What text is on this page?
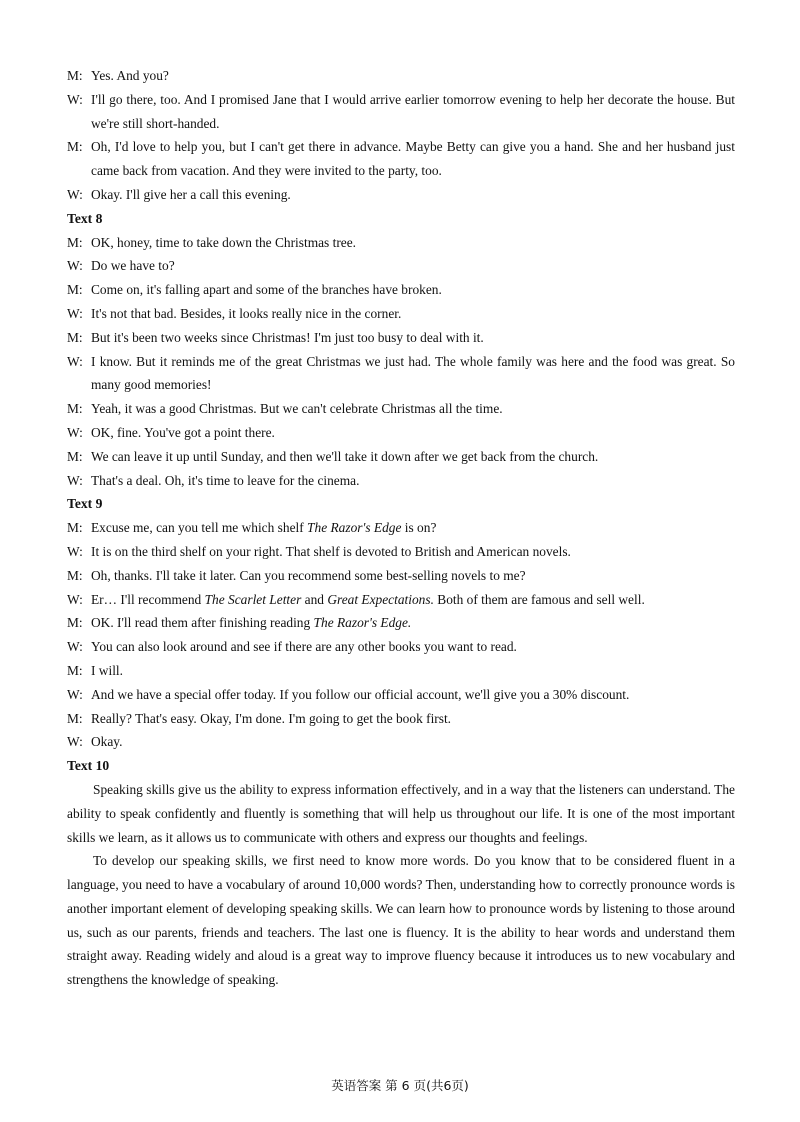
M: Yes. And you?
W: I'll go there, too. And I promised Jane that I would arrive earlier tomorrow evening to help her decorate the house. But we're still short-handed.
M: Oh, I'd love to help you, but I can't get there in advance. Maybe Betty can give you a hand. She and her husband just came back from vacation. And they were invited to the party, too.
W: Okay. I'll give her a call this evening.
Text 8
M: OK, honey, time to take down the Christmas tree.
W: Do we have to?
M: Come on, it's falling apart and some of the branches have broken.
W: It's not that bad. Besides, it looks really nice in the corner.
M: But it's been two weeks since Christmas! I'm just too busy to deal with it.
W: I know. But it reminds me of the great Christmas we just had. The whole family was here and the food was great. So many good memories!
M: Yeah, it was a good Christmas. But we can't celebrate Christmas all the time.
W: OK, fine. You've got a point there.
M: We can leave it up until Sunday, and then we'll take it down after we get back from the church.
W: That's a deal. Oh, it's time to leave for the cinema.
Text 9
M: Excuse me, can you tell me which shelf The Razor's Edge is on?
W: It is on the third shelf on your right. That shelf is devoted to British and American novels.
M: Oh, thanks. I'll take it later. Can you recommend some best-selling novels to me?
W: Er… I'll recommend The Scarlet Letter and Great Expectations. Both of them are famous and sell well.
M: OK. I'll read them after finishing reading The Razor's Edge.
W: You can also look around and see if there are any other books you want to read.
M: I will.
W: And we have a special offer today. If you follow our official account, we'll give you a 30% discount.
M: Really? That's easy. Okay, I'm done. I'm going to get the book first.
W: Okay.
Text 10

Speaking skills give us the ability to express information effectively, and in a way that the listeners can understand. The ability to speak confidently and fluently is something that will help us throughout our life. It is one of the most important skills we learn, as it allows us to communicate with others and express our thoughts and feelings.

To develop our speaking skills, we first need to know more words. Do you know that to be considered fluent in a language, you need to have a vocabulary of around 10,000 words? Then, understanding how to correctly pronounce words is another important element of developing speaking skills. We can learn how to pronounce words by listening to those around us, such as our parents, friends and teachers. The last one is fluency. It is the ability to hear words and understand them straight away. Reading widely and aloud is a great way to improve fluency because it introduces us to new vocabulary and strengthens the knowledge of speaking.

英语答案 第 6 页(共6页)
